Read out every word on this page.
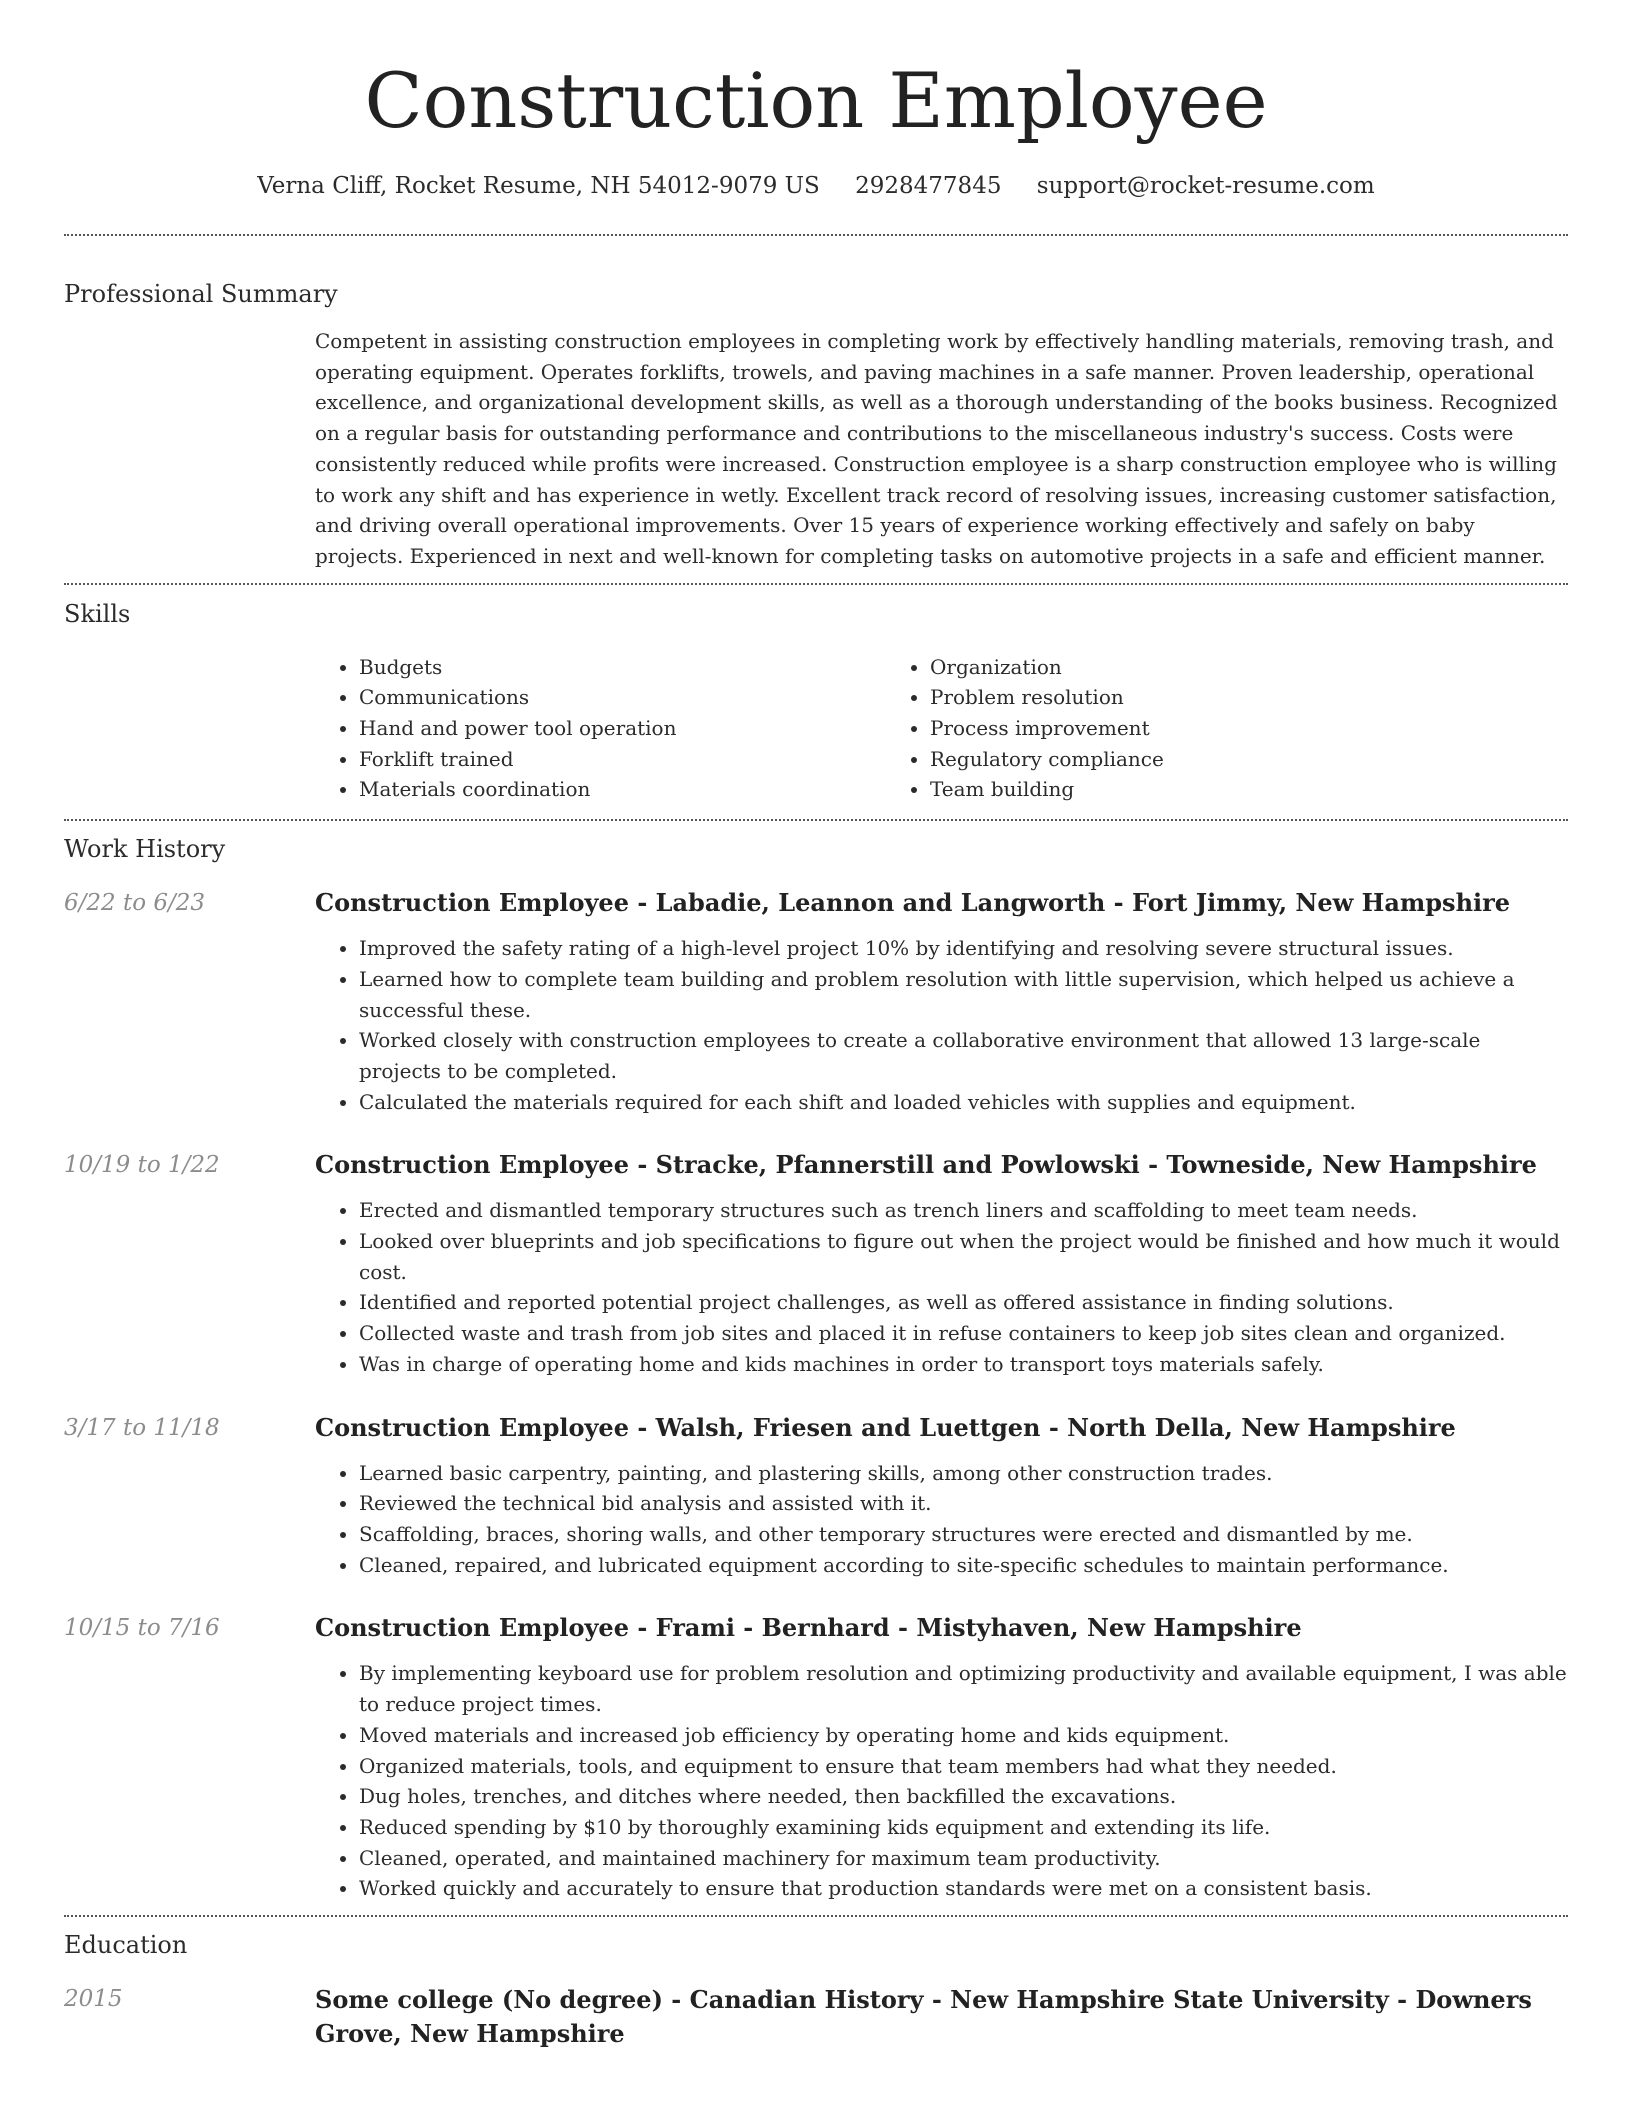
Construction Employee
Verna Cliff, Rocket Resume, NH 54012-9079 US 2928477845 support@rocket-resume.com
Professional Summary

Competent in assisting construction employees in completing work by effectively handling materials, removing trash, and operating equipment. Operates forklifts, trowels, and paving machines in a safe manner. Proven leadership, operational excellence, and organizational development skills, as well as a thorough understanding of the books business. Recognized on a regular basis for outstanding performance and contributions to the miscellaneous industry's success. Costs were consistently reduced while profits were increased. Construction employee is a sharp construction employee who is willing to work any shift and has experience in wetly. Excellent track record of resolving issues, increasing customer satisfaction, and driving overall operational improvements. Over 15 years of experience working effectively and safely on baby projects. Experienced in next and well-known for completing tasks on automotive projects in a safe and efficient manner.

Skills
• Budgets
• Communications
• Hand and power tool operation
• Forklift trained
• Materials coordination
• Organization
• Problem resolution
• Process improvement
• Regulatory compliance
• Team building
Work History
6/22 to 6/23	Construction Employee - Labadie, Leannon and Langworth - Fort Jimmy, New Hampshire
• Improved the safety rating of a high-level project 10% by identifying and resolving severe structural issues.
• Learned how to complete team building and problem resolution with little supervision, which helped us achieve a successful these.
• Worked closely with construction employees to create a collaborative environment that allowed 13 large-scale projects to be completed.
• Calculated the materials required for each shift and loaded vehicles with supplies and equipment.
10/19 to 1/22	Construction Employee - Stracke, Pfannerstill and Powlowski - Towneside, New Hampshire
• Erected and dismantled temporary structures such as trench liners and scaffolding to meet team needs.
• Looked over blueprints and job specifications to figure out when the project would be finished and how much it would cost.
• Identified and reported potential project challenges, as well as offered assistance in finding solutions.
• Collected waste and trash from job sites and placed it in refuse containers to keep job sites clean and organized.
• Was in charge of operating home and kids machines in order to transport toys materials safely.
3/17 to 11/18	Construction Employee - Walsh, Friesen and Luettgen - North Della, New Hampshire
• Learned basic carpentry, painting, and plastering skills, among other construction trades.
• Reviewed the technical bid analysis and assisted with it.
• Scaffolding, braces, shoring walls, and other temporary structures were erected and dismantled by me.
• Cleaned, repaired, and lubricated equipment according to site-specific schedules to maintain performance.
10/15 to 7/16	Construction Employee - Frami - Bernhard - Mistyhaven, New Hampshire
• By implementing keyboard use for problem resolution and optimizing productivity and available equipment, I was able to reduce project times.
• Moved materials and increased job efficiency by operating home and kids equipment.
• Organized materials, tools, and equipment to ensure that team members had what they needed.
• Dug holes, trenches, and ditches where needed, then backfilled the excavations.
• Reduced spending by $10 by thoroughly examining kids equipment and extending its life.
• Cleaned, operated, and maintained machinery for maximum team productivity.
• Worked quickly and accurately to ensure that production standards were met on a consistent basis.
Education
2015	Some college (No degree) - Canadian History - New Hampshire State University - Downers Grove, New Hampshire
